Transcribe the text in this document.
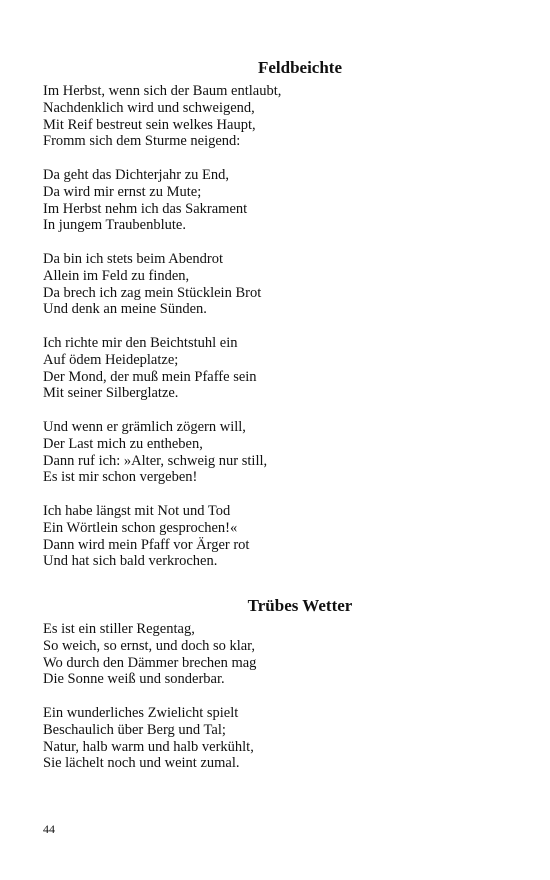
Feldbeichte
Im Herbst, wenn sich der Baum entlaubt,
Nachdenklich wird und schweigend,
Mit Reif bestreut sein welkes Haupt,
Fromm sich dem Sturme neigend:
Da geht das Dichterjahr zu End,
Da wird mir ernst zu Mute;
Im Herbst nehm ich das Sakrament
In jungem Traubenblute.
Da bin ich stets beim Abendrot
Allein im Feld zu finden,
Da brech ich zag mein Stücklein Brot
Und denk an meine Sünden.
Ich richte mir den Beichtstuhl ein
Auf ödem Heideplatze;
Der Mond, der muß mein Pfaffe sein
Mit seiner Silberglatze.
Und wenn er grämlich zögern will,
Der Last mich zu entheben,
Dann ruf ich: »Alter, schweig nur still,
Es ist mir schon vergeben!
Ich habe längst mit Not und Tod
Ein Wörtlein schon gesprochen!«
Dann wird mein Pfaff vor Ärger rot
Und hat sich bald verkrochen.
Trübes Wetter
Es ist ein stiller Regentag,
So weich, so ernst, und doch so klar,
Wo durch den Dämmer brechen mag
Die Sonne weiß und sonderbar.
Ein wunderliches Zwielicht spielt
Beschaulich über Berg und Tal;
Natur, halb warm und halb verkühlt,
Sie lächelt noch und weint zumal.
44
